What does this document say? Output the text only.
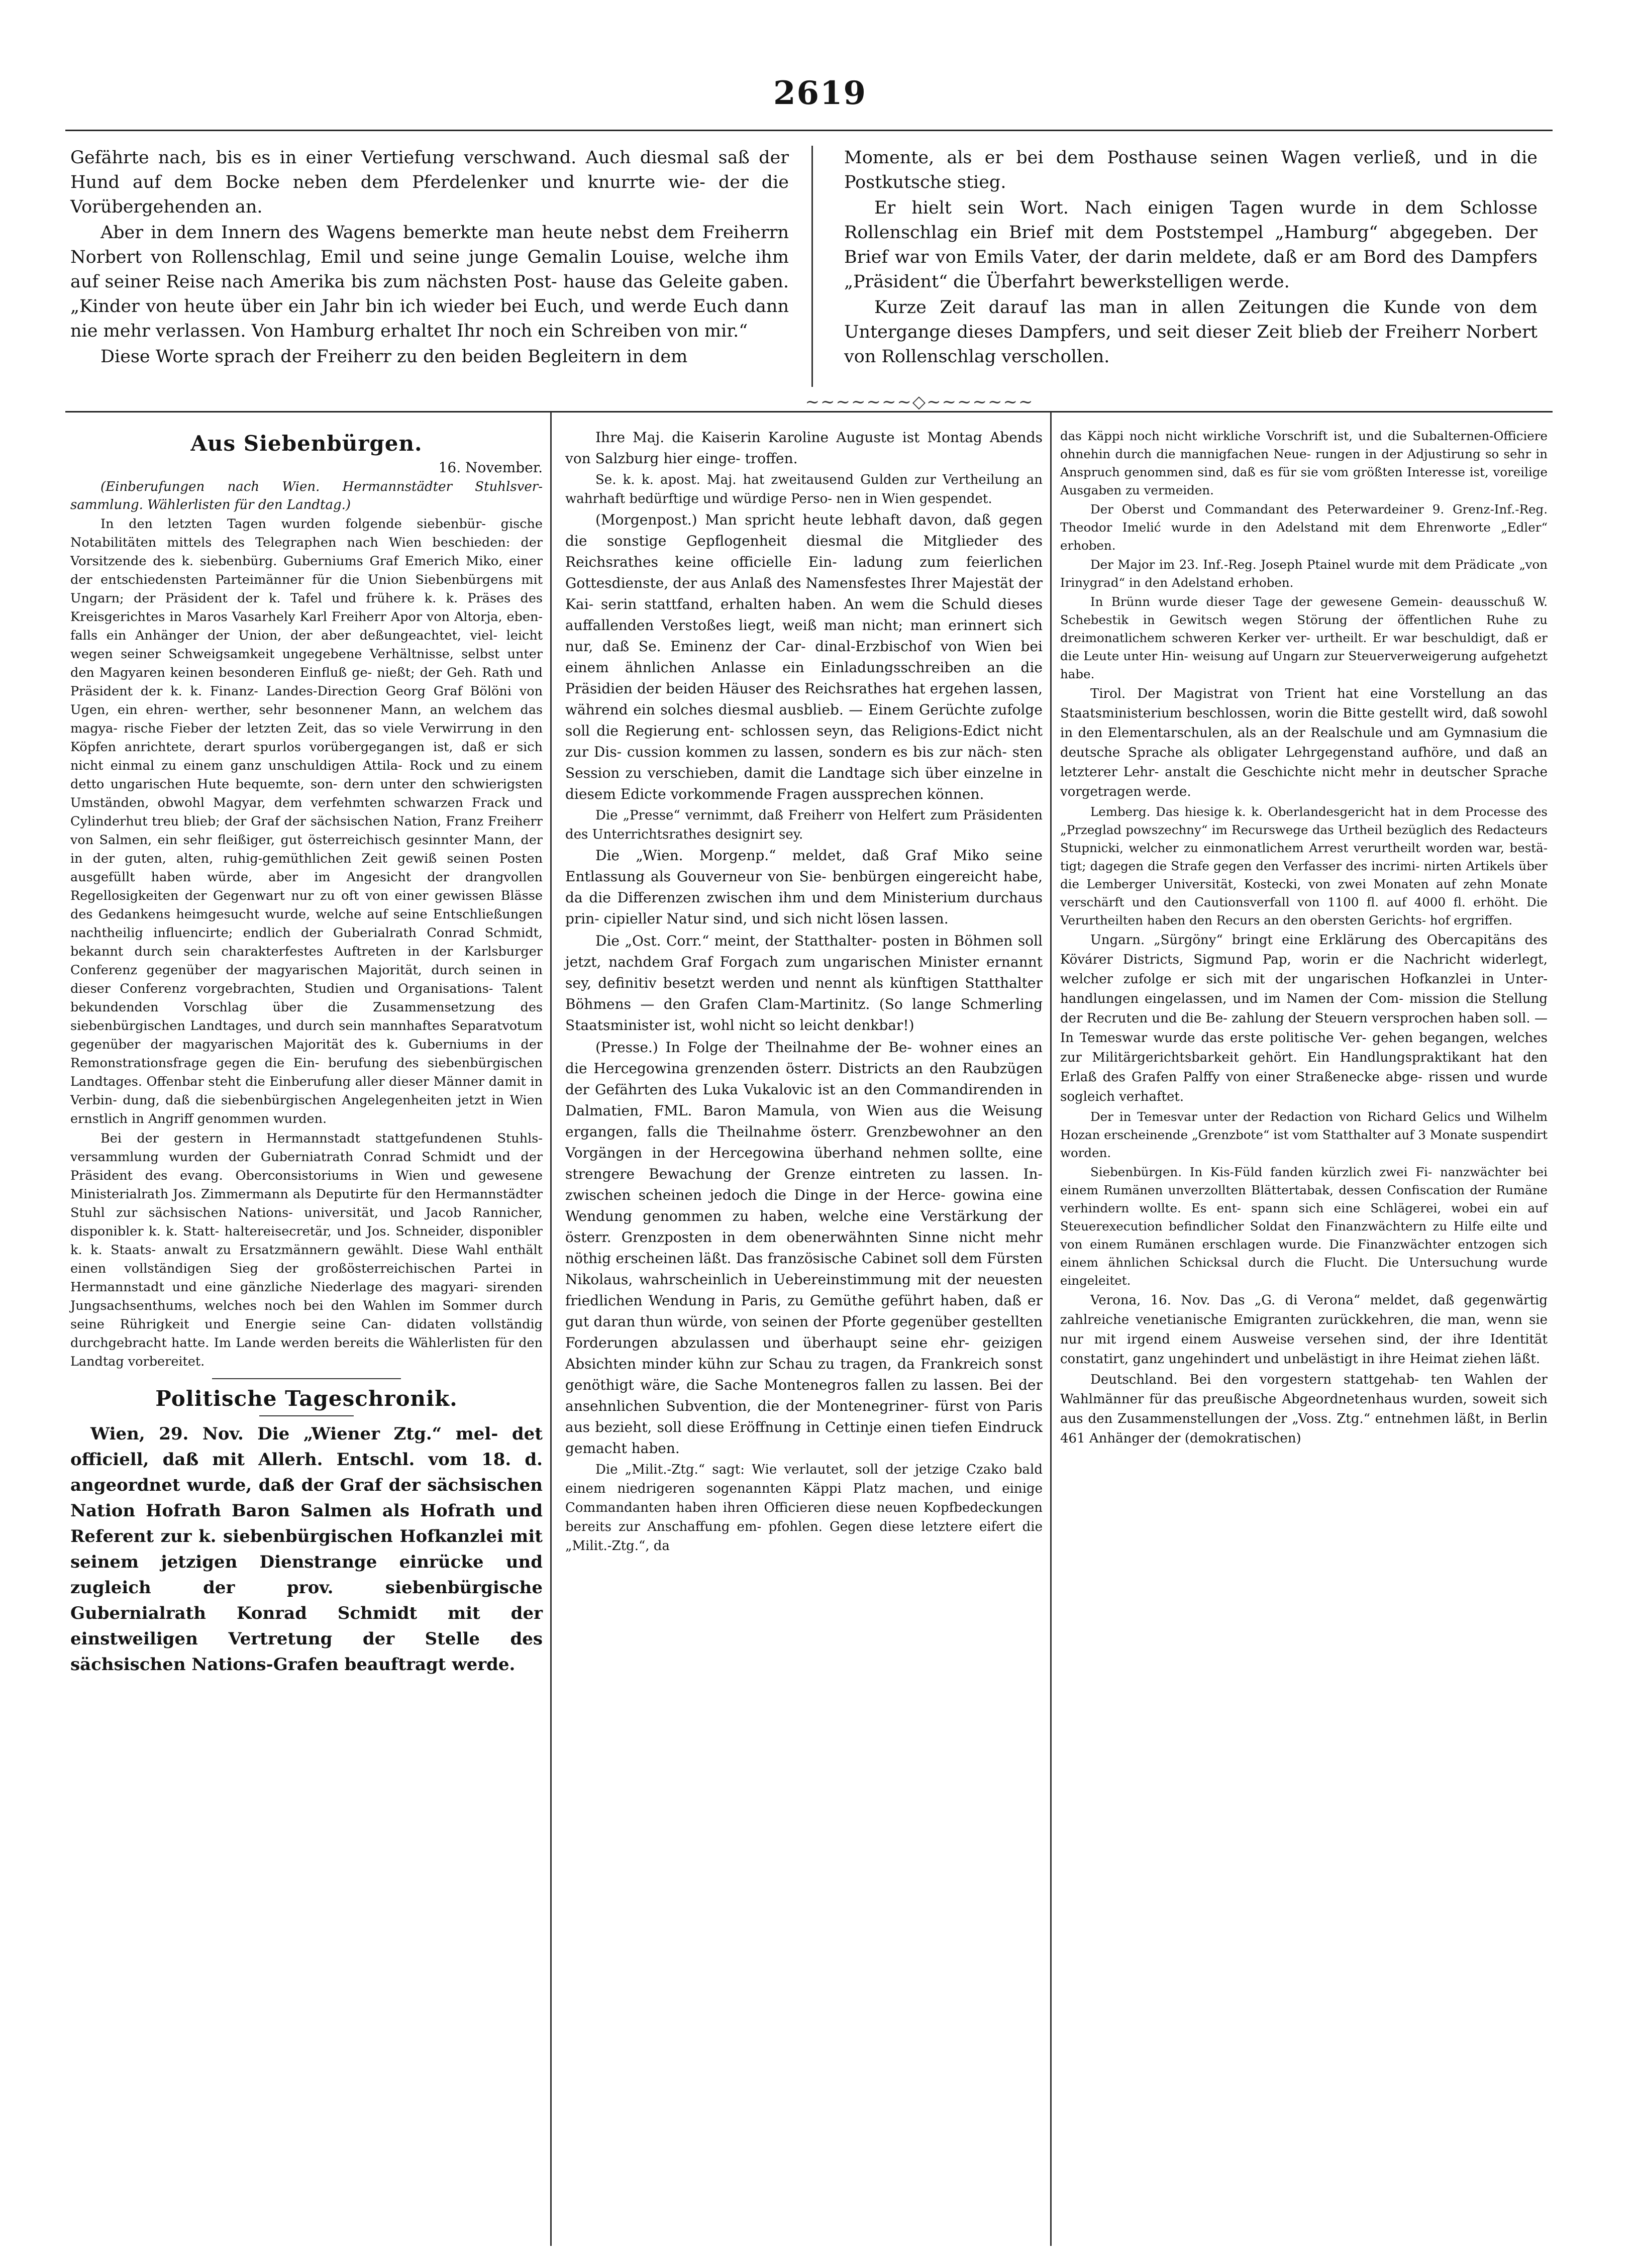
2619

Gefährte nach, bis es in einer Vertiefung verschwand. Auch diesmal saß der Hund auf dem Bocke neben dem Pferdelenker und knurrte wie- der die Vorübergehenden an.

Aber in dem Innern des Wagens bemerkte man heute nebst dem Freiherrn Norbert von Rollenschlag, Emil und seine junge Gemalin Louise, welche ihm auf seiner Reise nach Amerika bis zum nächsten Post- hause das Geleite gaben. „Kinder von heute über ein Jahr bin ich wieder bei Euch, und werde Euch dann nie mehr verlassen. Von Hamburg erhaltet Ihr noch ein Schreiben von mir.“

Diese Worte sprach der Freiherr zu den beiden Begleitern in dem

Momente, als er bei dem Posthause seinen Wagen verließ, und in die Postkutsche stieg.

Er hielt sein Wort. Nach einigen Tagen wurde in dem Schlosse Rollenschlag ein Brief mit dem Poststempel „Hamburg“ abgegeben. Der Brief war von Emils Vater, der darin meldete, daß er am Bord des Dampfers „Präsident“ die Überfahrt bewerkstelligen werde.

Kurze Zeit darauf las man in allen Zeitungen die Kunde von dem Untergange dieses Dampfers, und seit dieser Zeit blieb der Freiherr Norbert von Rollenschlag verschollen.

~~~~~~~◇~~~~~~~
Aus Siebenbürgen.
16. November.

(Einberufungen nach Wien. Hermannstädter Stuhlsver- sammlung. Wählerlisten für den Landtag.)

In den letzten Tagen wurden folgende siebenbür- gische Notabilitäten mittels des Telegraphen nach Wien beschieden: der Vorsitzende des k. siebenbürg. Guberniums Graf Emerich Miko, einer der entschiedensten Parteimänner für die Union Siebenbürgens mit Ungarn; der Präsident der k. Tafel und frühere k. k. Präses des Kreisgerichtes in Maros Vasarhely Karl Freiherr Apor von Altorja, eben- falls ein Anhänger der Union, der aber deßungeachtet, viel- leicht wegen seiner Schweigsamkeit ungegebene Verhältnisse, selbst unter den Magyaren keinen besonderen Einfluß ge- nießt; der Geh. Rath und Präsident der k. k. Finanz- Landes-Direction Georg Graf Bölöni von Ugen, ein ehren- werther, sehr besonnener Mann, an welchem das magya- rische Fieber der letzten Zeit, das so viele Verwirrung in den Köpfen anrichtete, derart spurlos vorübergegangen ist, daß er sich nicht einmal zu einem ganz unschuldigen Attila- Rock und zu einem detto ungarischen Hute bequemte, son- dern unter den schwierigsten Umständen, obwohl Magyar, dem verfehmten schwarzen Frack und Cylinderhut treu blieb; der Graf der sächsischen Nation, Franz Freiherr von Salmen, ein sehr fleißiger, gut österreichisch gesinnter Mann, der in der guten, alten, ruhig-gemüthlichen Zeit gewiß seinen Posten ausgefüllt haben würde, aber im Angesicht der drangvollen Regellosigkeiten der Gegenwart nur zu oft von einer gewissen Blässe des Gedankens heimgesucht wurde, welche auf seine Entschließungen nachtheilig influencirte; endlich der Guberialrath Conrad Schmidt, bekannt durch sein charakterfestes Auftreten in der Karlsburger Conferenz gegenüber der magyarischen Majorität, durch seinen in dieser Conferenz vorgebrachten, Studien und Organisations- Talent bekundenden Vorschlag über die Zusammensetzung des siebenbürgischen Landtages, und durch sein mannhaftes Separatvotum gegenüber der magyarischen Majorität des k. Guberniums in der Remonstrationsfrage gegen die Ein- berufung des siebenbürgischen Landtages. Offenbar steht die Einberufung aller dieser Männer damit in Verbin- dung, daß die siebenbürgischen Angelegenheiten jetzt in Wien ernstlich in Angriff genommen wurden.

Bei der gestern in Hermannstadt stattgefundenen Stuhls- versammlung wurden der Guberniatrath Conrad Schmidt und der Präsident des evang. Oberconsistoriums in Wien und gewesene Ministerialrath Jos. Zimmermann als Deputirte für den Hermannstädter Stuhl zur sächsischen Nations- universität, und Jacob Rannicher, disponibler k. k. Statt- haltereisecretär, und Jos. Schneider, disponibler k. k. Staats- anwalt zu Ersatzmännern gewählt. Diese Wahl enthält einen vollständigen Sieg der großösterreichischen Partei in Hermannstadt und eine gänzliche Niederlage des magyari- sirenden Jungsachsenthums, welches noch bei den Wahlen im Sommer durch seine Rührigkeit und Energie seine Can- didaten vollständig durchgebracht hatte. Im Lande werden bereits die Wählerlisten für den Landtag vorbereitet.

Politische Tageschronik.

Wien, 29. Nov. Die „Wiener Ztg.“ mel- det officiell, daß mit Allerh. Entschl. vom 18. d. angeordnet wurde, daß der Graf der sächsischen Nation Hofrath Baron Salmen als Hofrath und Referent zur k. siebenbürgischen Hofkanzlei mit seinem jetzigen Dienstrange einrücke und zugleich der prov. siebenbürgische Gubernialrath Konrad Schmidt mit der einstweiligen Vertretung der Stelle des sächsischen Nations-Grafen beauftragt werde.

Ihre Maj. die Kaiserin Karoline Auguste ist Montag Abends von Salzburg hier einge- troffen.

Se. k. k. apost. Maj. hat zweitausend Gulden zur Vertheilung an wahrhaft bedürftige und würdige Perso- nen in Wien gespendet.

(Morgenpost.) Man spricht heute lebhaft davon, daß gegen die sonstige Gepflogenheit diesmal die Mitglieder des Reichsrathes keine officielle Ein- ladung zum feierlichen Gottesdienste, der aus Anlaß des Namensfestes Ihrer Majestät der Kai- serin stattfand, erhalten haben. An wem die Schuld dieses auffallenden Verstoßes liegt, weiß man nicht; man erinnert sich nur, daß Se. Eminenz der Car- dinal-Erzbischof von Wien bei einem ähnlichen Anlasse ein Einladungsschreiben an die Präsidien der beiden Häuser des Reichsrathes hat ergehen lassen, während ein solches diesmal ausblieb. — Einem Gerüchte zufolge soll die Regierung ent- schlossen seyn, das Religions-Edict nicht zur Dis- cussion kommen zu lassen, sondern es bis zur näch- sten Session zu verschieben, damit die Landtage sich über einzelne in diesem Edicte vorkommende Fragen aussprechen können.

Die „Presse“ vernimmt, daß Freiherr von Helfert zum Präsidenten des Unterrichtsrathes designirt sey.

Die „Wien. Morgenp.“ meldet, daß Graf Miko seine Entlassung als Gouverneur von Sie- benbürgen eingereicht habe, da die Differenzen zwischen ihm und dem Ministerium durchaus prin- cipieller Natur sind, und sich nicht lösen lassen.

Die „Ost. Corr.“ meint, der Statthalter- posten in Böhmen soll jetzt, nachdem Graf Forgach zum ungarischen Minister ernannt sey, definitiv besetzt werden und nennt als künftigen Statthalter Böhmens — den Grafen Clam-Martinitz. (So lange Schmerling Staatsminister ist, wohl nicht so leicht denkbar!)

(Presse.) In Folge der Theilnahme der Be- wohner eines an die Hercegowina grenzenden österr. Districts an den Raubzügen der Gefährten des Luka Vukalovic ist an den Commandirenden in Dalmatien, FML. Baron Mamula, von Wien aus die Weisung ergangen, falls die Theilnahme österr. Grenzbewohner an den Vorgängen in der Hercegowina überhand nehmen sollte, eine strengere Bewachung der Grenze eintreten zu lassen. In- zwischen scheinen jedoch die Dinge in der Herce- gowina eine Wendung genommen zu haben, welche eine Verstärkung der österr. Grenzposten in dem obenerwähnten Sinne nicht mehr nöthig erscheinen läßt. Das französische Cabinet soll dem Fürsten Nikolaus, wahrscheinlich in Uebereinstimmung mit der neuesten friedlichen Wendung in Paris, zu Gemüthe geführt haben, daß er gut daran thun würde, von seinen der Pforte gegenüber gestellten Forderungen abzulassen und überhaupt seine ehr- geizigen Absichten minder kühn zur Schau zu tragen, da Frankreich sonst genöthigt wäre, die Sache Montenegros fallen zu lassen. Bei der ansehnlichen Subvention, die der Montenegriner- fürst von Paris aus bezieht, soll diese Eröffnung in Cettinje einen tiefen Eindruck gemacht haben.

Die „Milit.-Ztg.“ sagt: Wie verlautet, soll der jetzige Czako bald einem niedrigeren sogenannten Käppi Platz machen, und einige Commandanten haben ihren Officieren diese neuen Kopfbedeckungen bereits zur Anschaffung em- pfohlen. Gegen diese letztere eifert die „Milit.-Ztg.“, da

das Käppi noch nicht wirkliche Vorschrift ist, und die Subalternen-Officiere ohnehin durch die mannigfachen Neue- rungen in der Adjustirung so sehr in Anspruch genommen sind, daß es für sie vom größten Interesse ist, voreilige Ausgaben zu vermeiden.

Der Oberst und Commandant des Peterwardeiner 9. Grenz-Inf.-Reg. Theodor Imelić wurde in den Adelstand mit dem Ehrenworte „Edler“ erhoben.

Der Major im 23. Inf.-Reg. Joseph Ptainel wurde mit dem Prädicate „von Irinygrad“ in den Adelstand erhoben.

In Brünn wurde dieser Tage der gewesene Gemein- deausschuß W. Schebestik in Gewitsch wegen Störung der öffentlichen Ruhe zu dreimonatlichem schweren Kerker ver- urtheilt. Er war beschuldigt, daß er die Leute unter Hin- weisung auf Ungarn zur Steuerverweigerung aufgehetzt habe.

Tirol. Der Magistrat von Trient hat eine Vorstellung an das Staatsministerium beschlossen, worin die Bitte gestellt wird, daß sowohl in den Elementarschulen, als an der Realschule und am Gymnasium die deutsche Sprache als obligater Lehrgegenstand aufhöre, und daß an letzterer Lehr- anstalt die Geschichte nicht mehr in deutscher Sprache vorgetragen werde.

Lemberg. Das hiesige k. k. Oberlandesgericht hat in dem Processe des „Przeglad powszechny“ im Recurswege das Urtheil bezüglich des Redacteurs Stupnicki, welcher zu einmonatlichem Arrest verurtheilt worden war, bestä- tigt; dagegen die Strafe gegen den Verfasser des incrimi- nirten Artikels über die Lemberger Universität, Kostecki, von zwei Monaten auf zehn Monate verschärft und den Cautionsverfall von 1100 fl. auf 4000 fl. erhöht. Die Verurtheilten haben den Recurs an den obersten Gerichts- hof ergriffen.

Ungarn. „Sürgöny“ bringt eine Erklärung des Obercapitäns des Kövárer Districts, Sigmund Pap, worin er die Nachricht widerlegt, welcher zufolge er sich mit der ungarischen Hofkanzlei in Unter- handlungen eingelassen, und im Namen der Com- mission die Stellung der Recruten und die Be- zahlung der Steuern versprochen haben soll. — In Temeswar wurde das erste politische Ver- gehen begangen, welches zur Militärgerichtsbarkeit gehört. Ein Handlungspraktikant hat den Erlaß des Grafen Palffy von einer Straßenecke abge- rissen und wurde sogleich verhaftet.

Der in Temesvar unter der Redaction von Richard Gelics und Wilhelm Hozan erscheinende „Grenzbote“ ist vom Statthalter auf 3 Monate suspendirt worden.

Siebenbürgen. In Kis-Füld fanden kürzlich zwei Fi- nanzwächter bei einem Rumänen unverzollten Blättertabak, dessen Confiscation der Rumäne verhindern wollte. Es ent- spann sich eine Schlägerei, wobei ein auf Steuerexecution befindlicher Soldat den Finanzwächtern zu Hilfe eilte und von einem Rumänen erschlagen wurde. Die Finanzwächter entzogen sich einem ähnlichen Schicksal durch die Flucht. Die Untersuchung wurde eingeleitet.

Verona, 16. Nov. Das „G. di Verona“ meldet, daß gegenwärtig zahlreiche venetianische Emigranten zurückkehren, die man, wenn sie nur mit irgend einem Ausweise versehen sind, der ihre Identität constatirt, ganz ungehindert und unbelästigt in ihre Heimat ziehen läßt.

Deutschland. Bei den vorgestern stattgehab- ten Wahlen der Wahlmänner für das preußische Abgeordnetenhaus wurden, soweit sich aus den Zusammenstellungen der „Voss. Ztg.“ entnehmen läßt, in Berlin 461 Anhänger der (demokratischen)
